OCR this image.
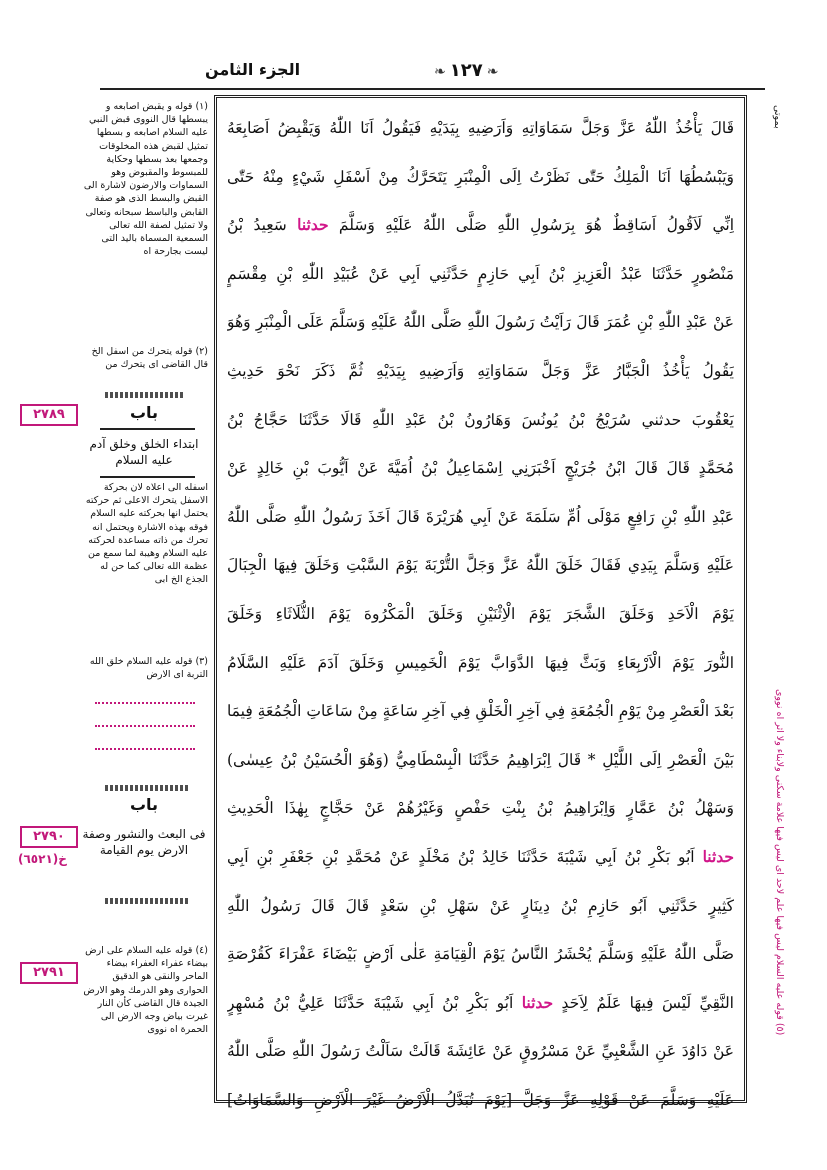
الجزء الثامن
❧	١٢٧ ❧
قَالَ يَأْخُذُ اللّٰهُ عَزَّ وَجَلَّ سَمَاوَاتِهِ وَاَرَضِيهِ بِيَدَيْهِ فَيَقُولُ اَنَا اللّٰهُ وَيَقْبِضُ اَصَابِعَهُ
وَيَبْسُطُهَا اَنَا الْمَلِكُ حَتّٰى نَظَرْتُ اِلَى الْمِنْبَرِ يَتَحَرَّكُ مِنْ اَسْفَلِ شَيْءٍ مِنْهُ حَتّٰى
اِنِّي لَاَقُولُ اَسَاقِطٌ هُوَ بِرَسُولِ اللّٰهِ صَلَّى اللّٰهُ عَلَيْهِ وَسَلَّمَ حدثنا سَعِيدُ بْنُ
مَنْصُورٍ حَدَّثَنَا عَبْدُ الْعَزِيزِ بْنُ اَبِي حَازِمٍ حَدَّثَنِي اَبِي عَنْ عُبَيْدِ اللّٰهِ بْنِ مِقْسَمٍ
عَنْ عَبْدِ اللّٰهِ بْنِ عُمَرَ قَالَ رَاَيْتُ رَسُولَ اللّٰهِ صَلَّى اللّٰهُ عَلَيْهِ وَسَلَّمَ عَلَى الْمِنْبَرِ وَهُوَ
يَقُولُ يَأْخُذُ الْجَبَّارُ عَزَّ وَجَلَّ سَمَاوَاتِهِ وَاَرَضِيهِ بِيَدَيْهِ ثُمَّ ذَكَرَ نَحْوَ حَدِيثِ
يَعْقُوبَ حدثني سُرَيْجُ بْنُ يُونُسَ وَهَارُونُ بْنُ عَبْدِ اللّٰهِ قَالَا حَدَّثَنَا حَجَّاجُ بْنُ
مُحَمَّدٍ قَالَ قَالَ ابْنُ جُرَيْجٍ اَخْبَرَنِي اِسْمَاعِيلُ بْنُ اُمَيَّةَ عَنْ اَيُّوبَ بْنِ خَالِدٍ عَنْ
عَبْدِ اللّٰهِ بْنِ رَافِعٍ مَوْلَى اُمِّ سَلَمَةَ عَنْ اَبِي هُرَيْرَةَ قَالَ اَخَذَ رَسُولُ اللّٰهِ صَلَّى اللّٰهُ
عَلَيْهِ وَسَلَّمَ بِيَدِي فَقَالَ خَلَقَ اللّٰهُ عَزَّ وَجَلَّ التُّرْبَةَ يَوْمَ السَّبْتِ وَخَلَقَ فِيهَا الْجِبَالَ
يَوْمَ الْاَحَدِ وَخَلَقَ الشَّجَرَ يَوْمَ الْاِثْنَيْنِ وَخَلَقَ الْمَكْرُوهَ يَوْمَ الثُّلَاثَاءِ وَخَلَقَ
النُّورَ يَوْمَ الْاَرْبِعَاءِ وَبَثَّ فِيهَا الدَّوَابَّ يَوْمَ الْخَمِيسِ وَخَلَقَ آدَمَ عَلَيْهِ السَّلَامُ
بَعْدَ الْعَصْرِ مِنْ يَوْمِ الْجُمُعَةِ فِي آخِرِ الْخَلْقِ فِي آخِرِ سَاعَةٍ مِنْ سَاعَاتِ الْجُمُعَةِ فِيمَا
بَيْنَ الْعَصْرِ اِلَى اللَّيْلِ * قَالَ اِبْرَاهِيمُ حَدَّثَنَا الْبِسْطَامِيُّ (وَهُوَ الْحُسَيْنُ بْنُ عِيسٰى)
وَسَهْلُ بْنُ عَمَّارٍ وَاِبْرَاهِيمُ بْنُ بِنْتِ حَفْصٍ وَغَيْرُهُمْ عَنْ حَجَّاجٍ بِهٰذَا الْحَدِيثِ
حدثنا اَبُو بَكْرِ بْنُ اَبِي شَيْبَةَ حَدَّثَنَا خَالِدُ بْنُ مَخْلَدٍ عَنْ مُحَمَّدِ بْنِ جَعْفَرِ بْنِ اَبِي
كَثِيرٍ حَدَّثَنِي اَبُو حَازِمِ بْنُ دِينَارٍ عَنْ سَهْلِ بْنِ سَعْدٍ قَالَ قَالَ رَسُولُ اللّٰهِ
صَلَّى اللّٰهُ عَلَيْهِ وَسَلَّمَ يُحْشَرُ النَّاسُ يَوْمَ الْقِيَامَةِ عَلٰى اَرْضٍ بَيْضَاءَ عَفْرَاءَ كَقُرْصَةِ
النَّقِيِّ لَيْسَ فِيهَا عَلَمٌ لِاَحَدٍ حدثنا اَبُو بَكْرِ بْنُ اَبِي شَيْبَةَ حَدَّثَنَا عَلِيُّ بْنُ مُسْهِرٍ
عَنْ دَاوُدَ عَنِ الشَّعْبِيِّ عَنْ مَسْرُوقٍ عَنْ عَائِشَةَ قَالَتْ سَاَلْتُ رَسُولَ اللّٰهِ صَلَّى اللّٰهُ
عَلَيْهِ وَسَلَّمَ عَنْ قَوْلِهِ عَزَّ وَجَلَّ [يَوْمَ تُبَدَّلُ الْاَرْضُ غَيْرَ الْاَرْضِ وَالسَّمَاوَاتُ]
(١) قوله و يقبض اصابعه و يبسطها قال النووى قبض النبي عليه السلام اصابعه و بسطها تمثيل لقبض هذه المخلوقات وجمعها بعد بسطها وحكاية للمبسوط والمقبوض وهو السماوات والارضون لاشارة الى القبض والبسط الذى هو صفة القابض والباسط سبحانه وتعالى ولا تمثيل لصفة الله تعالى السمعية المسماة باليد التى ليست بجارحة اه
(٢) قوله يتحرك من اسفل الخ قال القاضى اى يتحرك من
٢٧٨٩	باب
ابتداء الخلق وخلق آدم عليه السلام
اسفله الى اعلاه لان بحركة الاسفل يتحرك الاعلى ثم حركته يحتمل انها بحركته عليه السلام فوقه بهذه الاشارة ويحتمل انه تحرك من ذاته مساعدة لحركته عليه السلام وهيبة لما سمع من عظمة الله تعالى كما حن له الجذع الخ ابى
(٣) قوله عليه السلام خلق الله التربة اى الارض
باب
٢٧٩٠	فى البعث والنشور وصفة الارض يوم القيامة
خ(٦٥٢١)
٢٧٩١
(٤) قوله عليه السلام على ارض بيضاء عفراء العفراء بيضاء الماحر والنقى هو الدقيق الحوارى وهو الدرمك وهو الارض الجيدة قال القاضى كأن النار غيرت بياض وجه الارض الى الحمرة اه نووى
بموتى
(٥) قوله عليه السلام ليس فيها علم لاحد اى ليس فيها علامة سكنى ولابناء ولا اثر اه نووى
